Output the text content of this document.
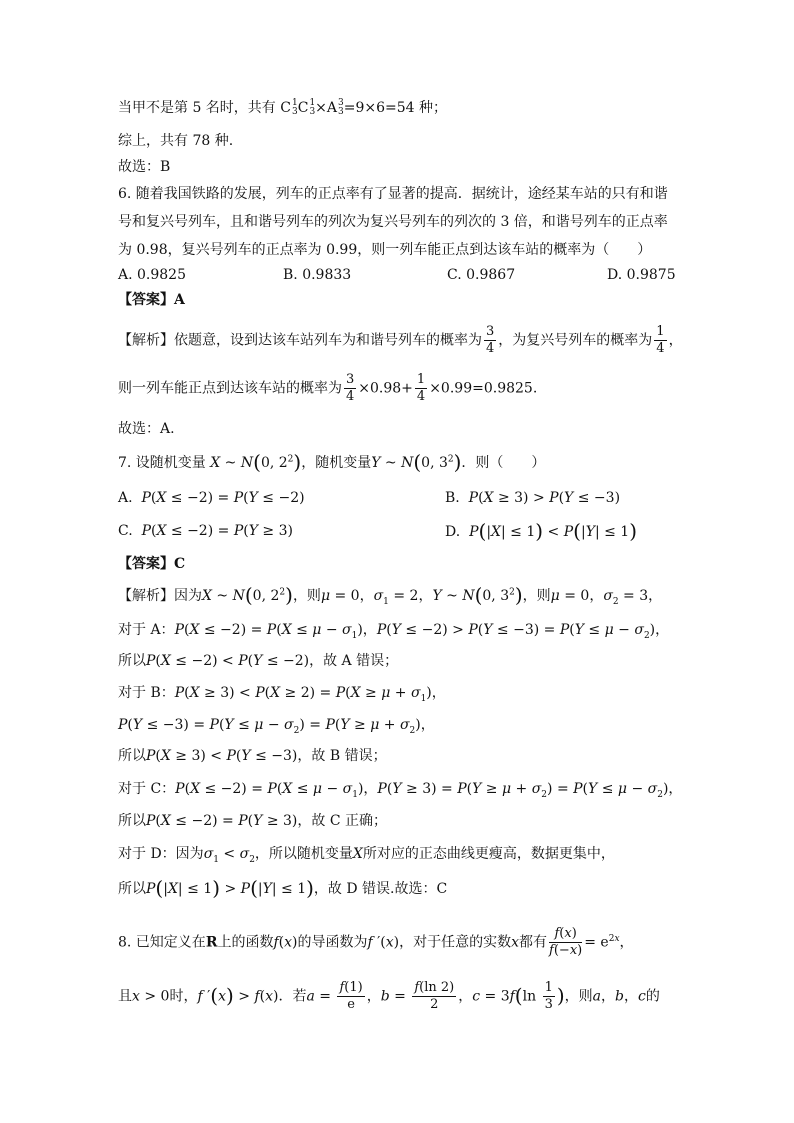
当甲不是第 5 名时，共有 C1
3C1
3×A3
3=9×6=54 种；
综上，共有 78 种.
故选：B
6. 随着我国铁路的发展，列车的正点率有了显著的提高．据统计，途经某车站的只有和谐
号和复兴号列车，且和谐号列车的列次为复兴号列车的列次的 3 倍，和谐号列车的正点率
为 0.98，复兴号列车的正点率为 0.99，则一列车能正点到达该车站的概率为（　　）
A. 0.9825	B. 0.9833	C. 0.9867	D. 0.9875
【答案】A
【解析】依题意，设到达该车站列车为和谐号列车的概率为 $\frac{3}{4}$ ，为复兴号列车的概率为 $\frac{1}{4}$ ，
则一列车能正点到达该车站的概率为 $\frac{3}{4} \times 0.98+ \frac{1}{4} \times 0.99=0.9825$.
故选：A.
7. 设随机变量 X ~ N(0, $2^2$)，随机变量Y ~ N(0, $3^2$)．则（　　）
A. P(X ≤ −2) = P(Y ≤ −2)	B. P(X ≥ 3) > P(Y ≤ −3)
C. P(X ≤ −2) = P(Y ≥ 3)	D. P(|X| ≤ 1) < P(|Y| ≤ 1)
【答案】C
【解析】因为X ~ N(0, $2^2$)，则μ = 0，$\sigma_1 = 2$，Y ~ N(0, $3^2$)，则μ = 0，$\sigma_2 = 3$，
对于 A：$P(X \le -2) = P(X \le \mu - \sigma_1)$，$P(Y \le -2) > P(Y \le -3) = P(Y \le \mu - \sigma_2)$，
所以P(X ≤ −2) < P(Y ≤ −2)，故 A 错误；
对于 B：$P(X \ge 3) < P(X \ge 2) = P(X \ge \mu + \sigma_1)$，
$P(Y \le -3) = P(Y \le \mu - \sigma_2) = P(Y \ge \mu + \sigma_2)$，
所以P(X ≥ 3) < P(Y ≤ −3)，故 B 错误；
对于 C：$P(X \le -2) = P(X \le \mu - \sigma_1)$，$P(Y \ge 3) = P(Y \ge \mu + \sigma_2) = P(Y \le \mu - \sigma_2)$，
所以P(X ≤ −2) = P(Y ≥ 3)，故 C 正确；
对于 D：因为$\sigma_1 < \sigma_2$，所以随机变量X所对应的正态曲线更瘦高，数据更集中，
所以P(|X| ≤ 1) > P(|Y| ≤ 1)，故 D 错误.故选：C
8. 已知定义在R上的函数f(x)的导函数为f ′(x)，对于任意的实数x都有 $\frac{f(x)}{f(-x)} = e^{2x}$，
且x > 0时，f ′(x) > f(x)．若$a = \frac{f(1)}{e}$ ，$b = \frac{f(\ln 2)}{2}$ ，$c = 3f(\ln \frac{1}{3}$ )，则a，b，c的
